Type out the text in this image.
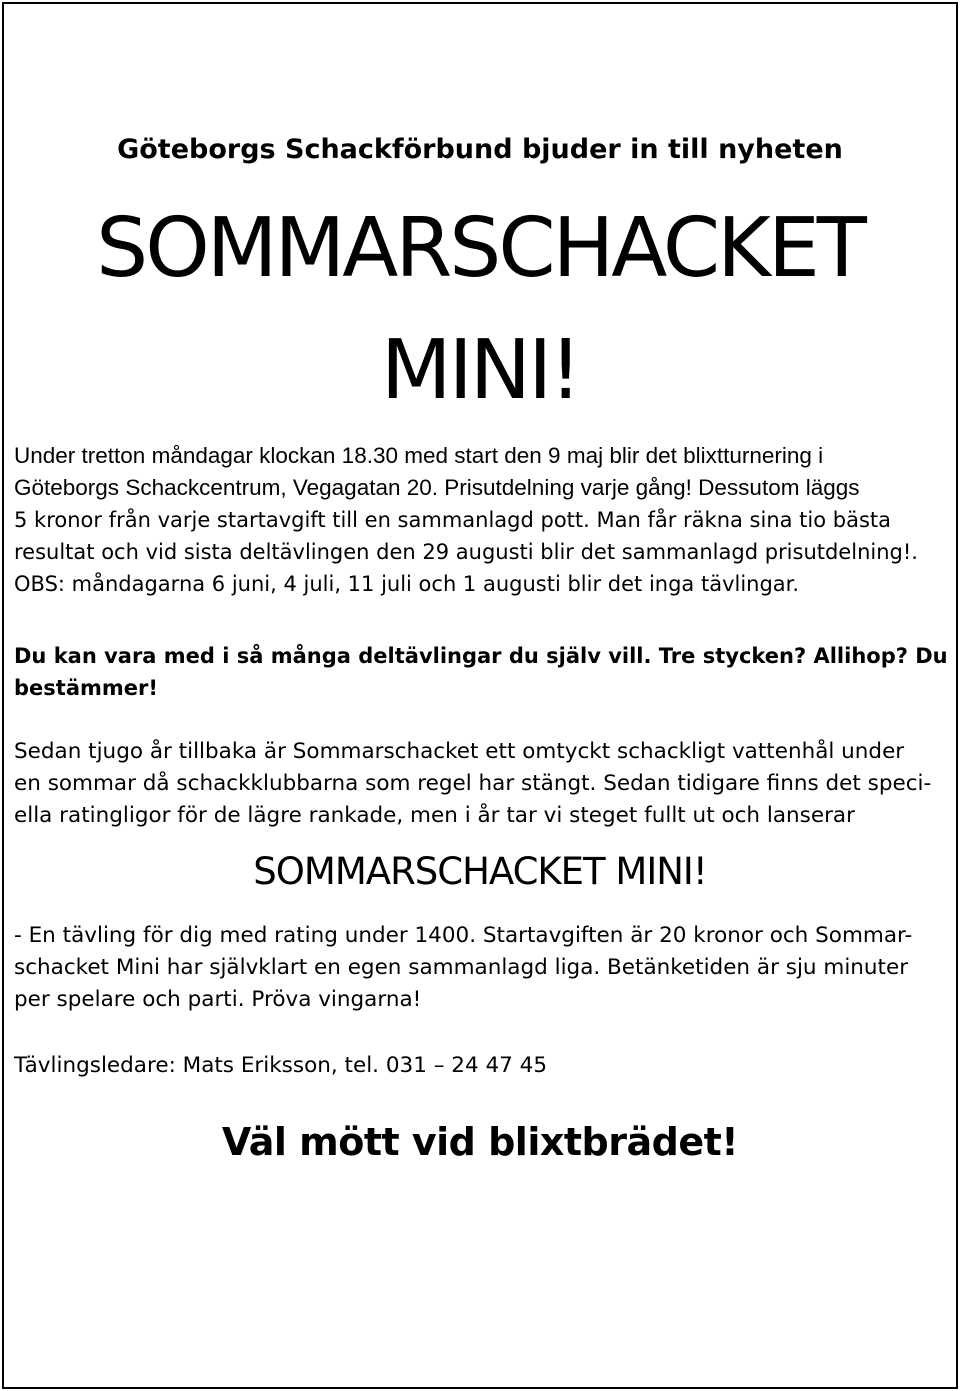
Göteborgs Schackförbund bjuder in till nyheten
SOMMARSCHACKET
MINI!
Under tretton måndagar klockan 18.30 med start den 9 maj blir det blixtturnering i
Göteborgs Schackcentrum, Vegagatan 20. Prisutdelning varje gång! Dessutom läggs
5 kronor från varje startavgift till en sammanlagd pott. Man får räkna sina tio bästa
resultat och vid sista deltävlingen den 29 augusti blir det sammanlagd prisutdelning!.
OBS: måndagarna 6 juni, 4 juli, 11 juli och 1 augusti blir det inga tävlingar.
Du kan vara med i så många deltävlingar du själv vill. Tre stycken? Allihop? Du
bestämmer!
Sedan tjugo år tillbaka är Sommarschacket ett omtyckt schackligt vattenhål under
en sommar då schackklubbarna som regel har stängt. Sedan tidigare finns det speci-
ella ratingligor för de lägre rankade, men i år tar vi steget fullt ut och lanserar
SOMMARSCHACKET MINI!
- En tävling för dig med rating under 1400. Startavgiften är 20 kronor och Sommar-
schacket Mini har självklart en egen sammanlagd liga. Betänketiden är sju minuter
per spelare och parti. Pröva vingarna!
Tävlingsledare: Mats Eriksson, tel. 031 – 24 47 45
Väl mött vid blixtbrädet!
